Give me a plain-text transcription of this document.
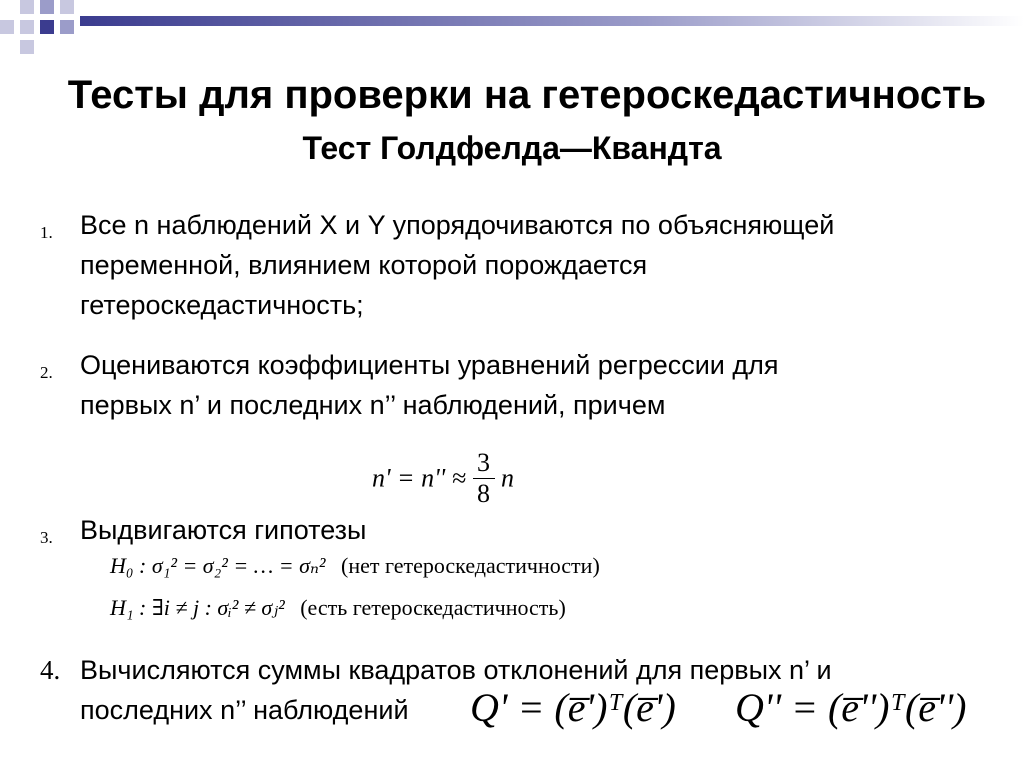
Тесты для проверки на гетероскедастичность
Тест Голдфелда—Квандта
1. Все n наблюдений X и Y упорядочиваются по объясняющей
переменной, влиянием которой порождается
гетероскедастичность;
2. Оцениваются коэффициенты уравнений регрессии для
первых n’ и последних n’’ наблюдений, причем
$n' = n'' \approx \frac{3}{8}$ n
3. Выдвигаются гипотезы
H₀ : σ₁² = σ₂² = … = σₙ² (нет гетероскедастичности)
H₁ : ∃i ≠ j : σᵢ² ≠ σⱼ² (есть гетероскедастичность)
4. Вычисляются суммы квадратов отклонений для первых n’ и
последних n’’ наблюдений	Q' = (e̅')ᵀ(e̅') Q'' = (e̅'')ᵀ(e̅'')
